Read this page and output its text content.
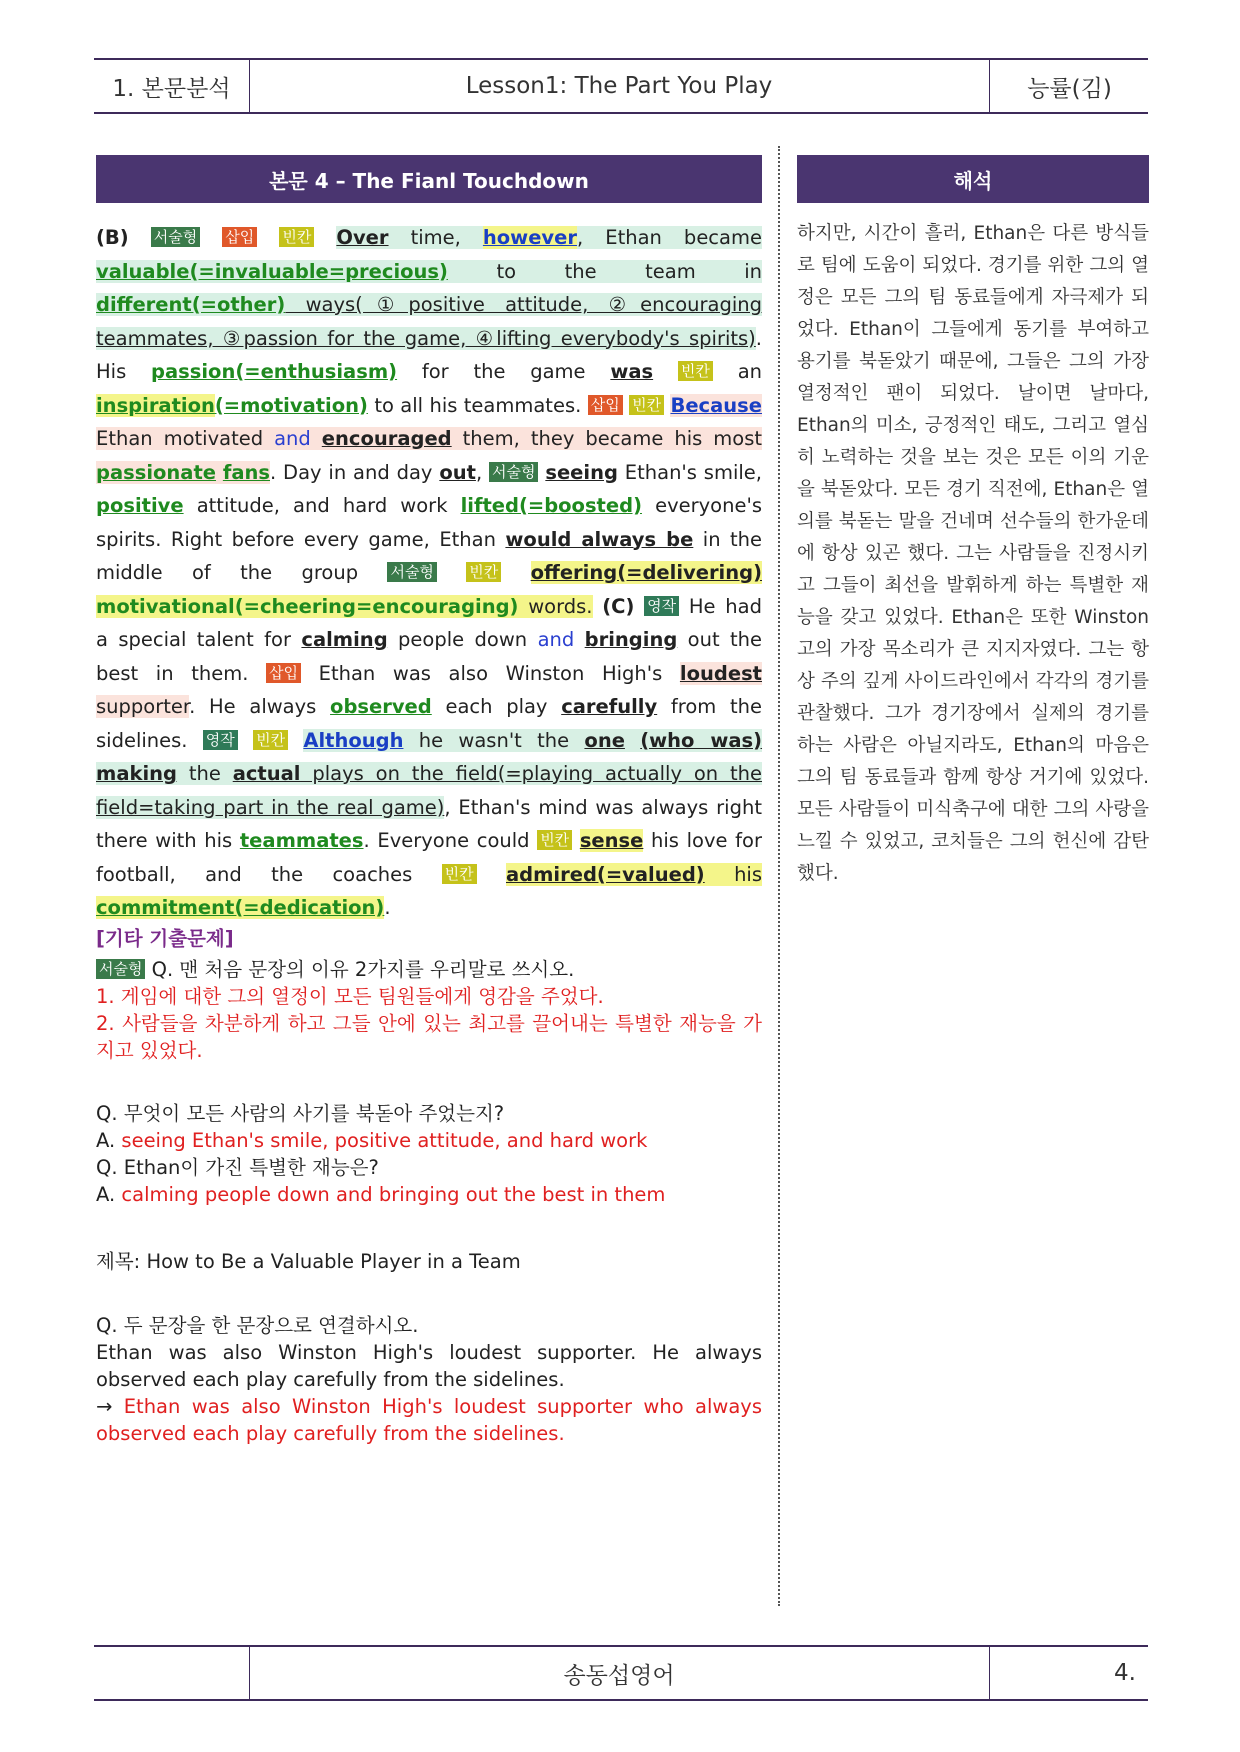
1. 본문분석	Lesson1: The Part You Play	능률(김)
본문 4 – The Fianl Touchdown	해석
(B) 서술형 삽입 빈칸 Over time, however, Ethan became valuable(=invaluable=precious) to the team in different(=other) ways(①positive attitude, ②encouraging teammates, ③passion for the game, ④lifting everybody's spirits). His passion(=enthusiasm) for the game was 빈칸 an inspiration(=motivation) to all his teammates. 삽입 빈칸 Because Ethan motivated and encouraged them, they became his most passionate fans. Day in and day out, 서술형 seeing Ethan's smile, positive attitude, and hard work lifted(=boosted) everyone's spirits. Right before every game, Ethan would always be in the middle of the group 서술형 빈칸 offering(=delivering) motivational(=cheering=encouraging) words. (C) 영작 He had a special talent for calming people down and bringing out the best in them. 삽입 Ethan was also Winston High's loudest supporter. He always observed each play carefully from the sidelines. 영작 빈칸 Although he wasn't the one (who was) making the actual plays on the field(=playing actually on the field=taking part in the real game), Ethan's mind was always right there with his teammates. Everyone could 빈칸 sense his love for football, and the coaches 빈칸 admired(=valued) his commitment(=dedication).
하지만, 시간이 흘러, Ethan은 다른 방식들로 팀에 도움이 되었다. 경기를 위한 그의 열정은 모든 그의 팀 동료들에게 자극제가 되었다. Ethan이 그들에게 동기를 부여하고 용기를 북돋았기 때문에, 그들은 그의 가장 열정적인 팬이 되었다. 날이면 날마다, Ethan의 미소, 긍정적인 태도, 그리고 열심히 노력하는 것을 보는 것은 모든 이의 기운을 북돋았다. 모든 경기 직전에, Ethan은 열의를 북돋는 말을 건네며 선수들의 한가운데에 항상 있곤 했다. 그는 사람들을 진정시키고 그들이 최선을 발휘하게 하는 특별한 재능을 갖고 있었다. Ethan은 또한 Winston고의 가장 목소리가 큰 지지자였다. 그는 항상 주의 깊게 사이드라인에서 각각의 경기를 관찰했다. 그가 경기장에서 실제의 경기를 하는 사람은 아닐지라도, Ethan의 마음은 그의 팀 동료들과 함께 항상 거기에 있었다. 모든 사람들이 미식축구에 대한 그의 사랑을 느낄 수 있었고, 코치들은 그의 헌신에 감탄했다.
[기타 기출문제]
서술형 Q. 맨 처음 문장의 이유 2가지를 우리말로 쓰시오.
1. 게임에 대한 그의 열정이 모든 팀원들에게 영감을 주었다.
2. 사람들을 차분하게 하고 그들 안에 있는 최고를 끌어내는 특별한 재능을 가지고 있었다.
Q. 무엇이 모든 사람의 사기를 북돋아 주었는지?
A. seeing Ethan's smile, positive attitude, and hard work
Q. Ethan이 가진 특별한 재능은?
A. calming people down and bringing out the best in them
제목: How to Be a Valuable Player in a Team
Q. 두 문장을 한 문장으로 연결하시오.
Ethan was also Winston High's loudest supporter. He always observed each play carefully from the sidelines.
→ Ethan was also Winston High's loudest supporter who always observed each play carefully from the sidelines.
송동섭영어	4.
